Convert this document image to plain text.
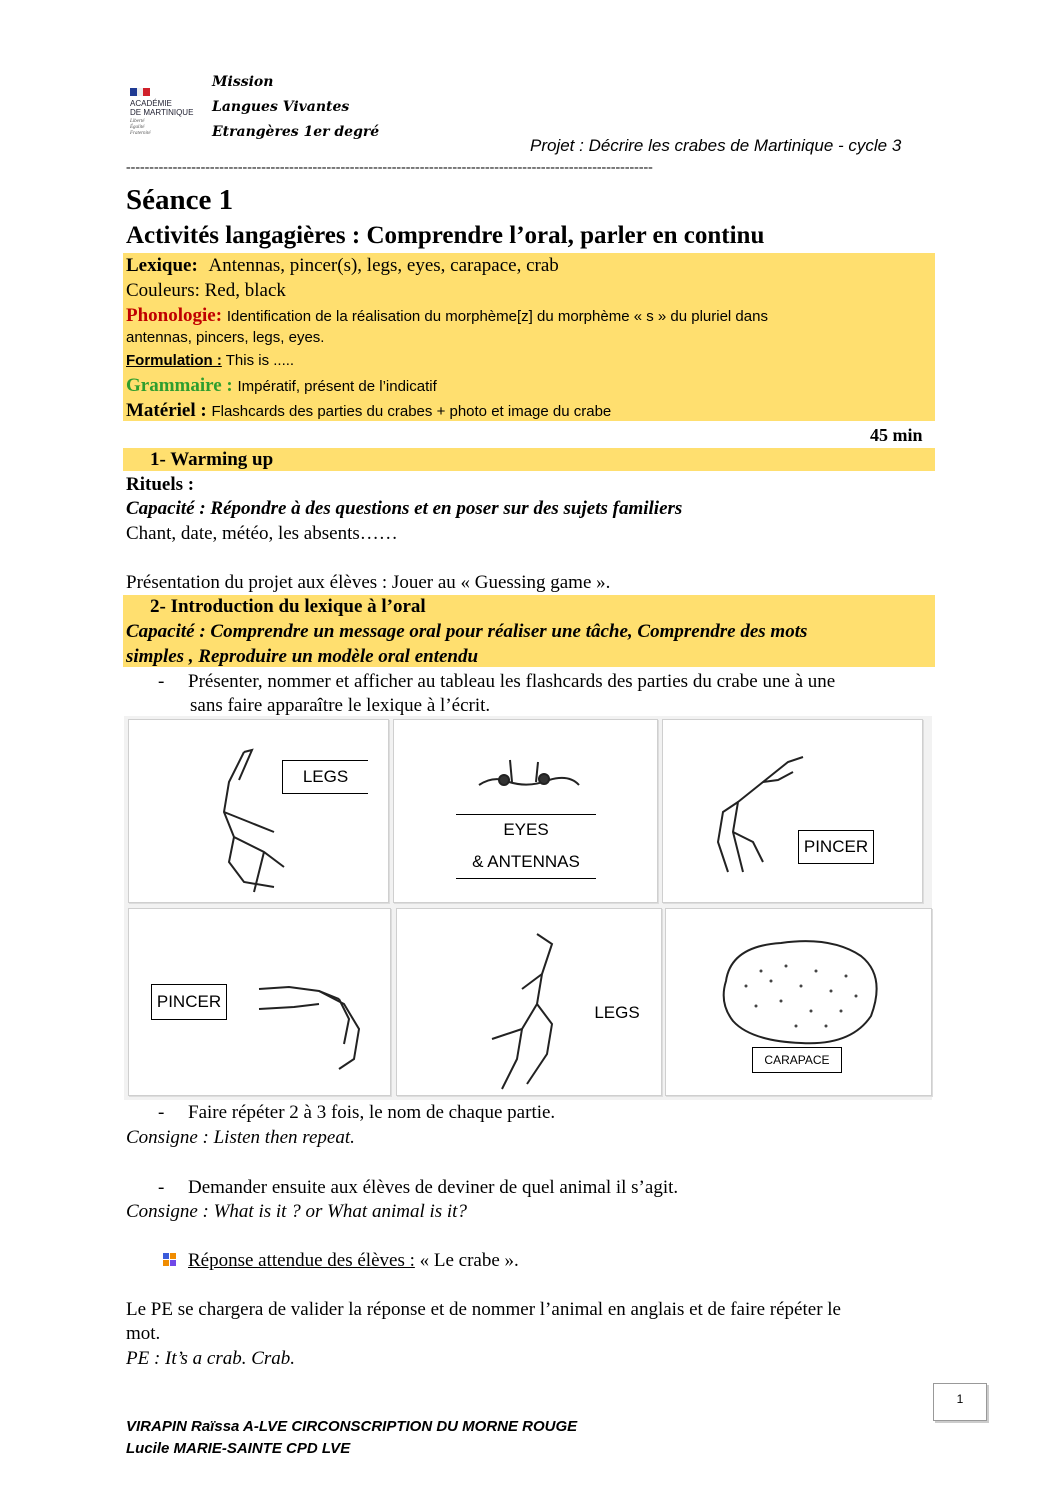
ACADÉMIE
DE MARTINIQUE
Liberté
Égalité
Fraternité
Mission
Langues Vivantes
Etrangères 1er degré
Projet : Décrire les crabes de Martinique - cycle 3
-----------------------------------------------------------------------------------------------------------------
Séance 1
Activités langagières : Comprendre l’oral, parler en continu
Lexique: Antennas, pincer(s), legs, eyes, carapace, crab
Couleurs: Red, black
Phonologie: Identification de la réalisation du morphème[z] du morphème « s » du pluriel dans
antennas, pincers, legs, eyes.
Formulation : This is .....
Grammaire : Impératif, présent de l’indicatif
Matériel : Flashcards des parties du crabes + photo et image du crabe
45 min
1- Warming up
Rituels :
Capacité : Répondre à des questions et en poser sur des sujets familiers
Chant, date, météo, les absents……
Présentation du projet aux élèves : Jouer au « Guessing game ».
2- Introduction du lexique à l’oral
Capacité : Comprendre un message oral pour réaliser une tâche, Comprendre des mots
simples , Reproduire un modèle oral entendu
- Présenter, nommer et afficher au tableau les flashcards des parties du crabe une à une
sans faire apparaître le lexique à l’écrit.
LEGS
EYES
& ANTENNAS
PINCER
PINCER
LEGS
CARAPACE
- Faire répéter 2 à 3 fois, le nom de chaque partie.
Consigne : Listen then repeat.
- Demander ensuite aux élèves de deviner de quel animal il s’agit.
Consigne : What is it ? or What animal is it?
Réponse attendue des élèves : « Le crabe ».
Le PE se chargera de valider la réponse et de nommer l’animal en anglais et de faire répéter le
mot.
PE : It’s a crab. Crab.
VIRAPIN Raïssa A-LVE CIRCONSCRIPTION DU MORNE ROUGE
Lucile MARIE-SAINTE CPD LVE
1
